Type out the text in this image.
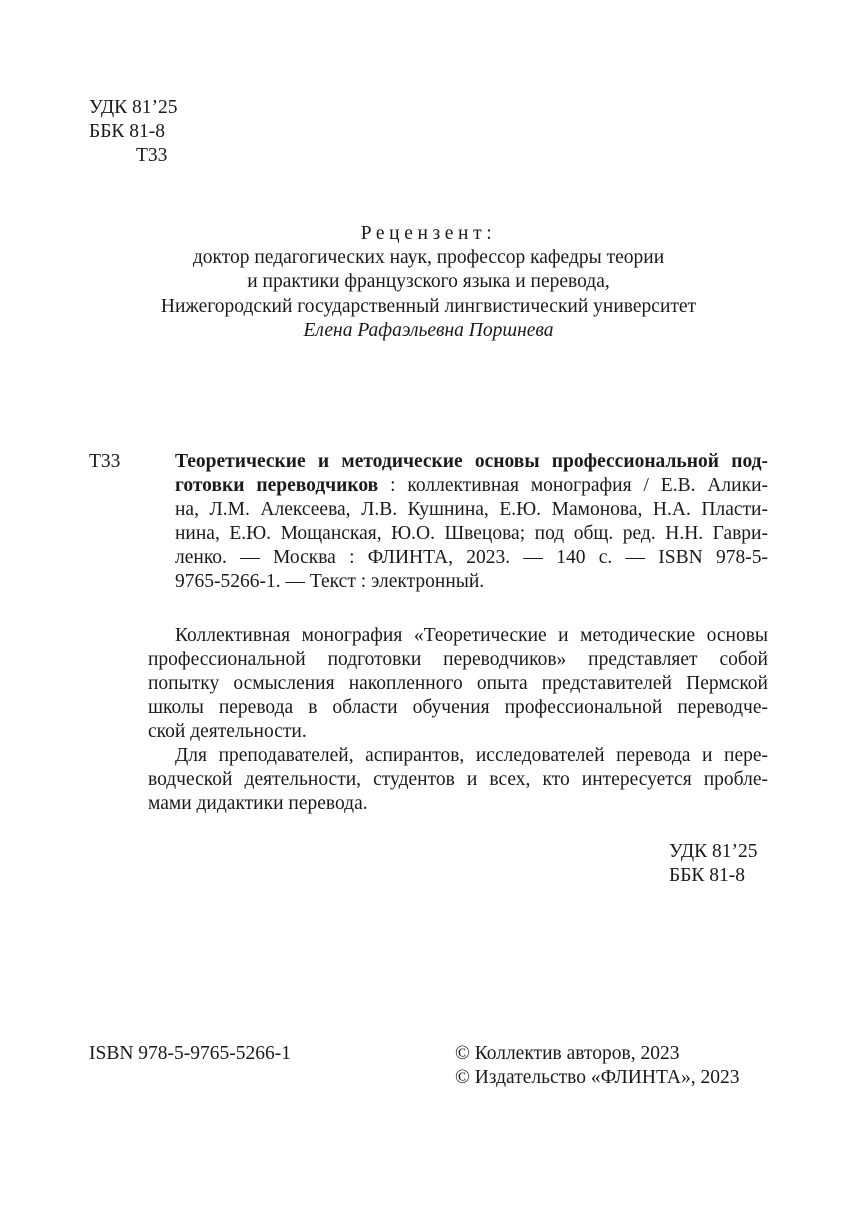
УДК 81’25
ББК 81-8
Т33
Рецензент:
доктор педагогических наук, профессор кафедры теории
и практики французского языка и перевода,
Нижегородский государственный лингвистический университет
Елена Рафаэльевна Поршнева
Т33	Теоретические и методические основы профессиональной под-
готовки переводчиков : коллективная монография / Е.В. Алики-
на, Л.М. Алексеева, Л.В. Кушнина, Е.Ю. Мамонова, Н.А. Пласти-
нина, Е.Ю. Мощанская, Ю.О. Швецова; под общ. ред. Н.Н. Гаври-
ленко. — Москва : ФЛИНТА, 2023. — 140 с. — ISBN 978-5-
9765-5266-1. — Текст : электронный.
Коллективная монография «Теоретические и методические основы
профессиональной подготовки переводчиков» представляет собой
попытку осмысления накопленного опыта представителей Пермской
школы перевода в области обучения профессиональной переводче-
ской деятельности.
Для преподавателей, аспирантов, исследователей перевода и пере-
водческой деятельности, студентов и всех, кто интересуется пробле-
мами дидактики перевода.
УДК 81’25
ББК 81-8
ISBN 978-5-9765-5266-1	© Коллектив авторов, 2023
© Издательство «ФЛИНТА», 2023
